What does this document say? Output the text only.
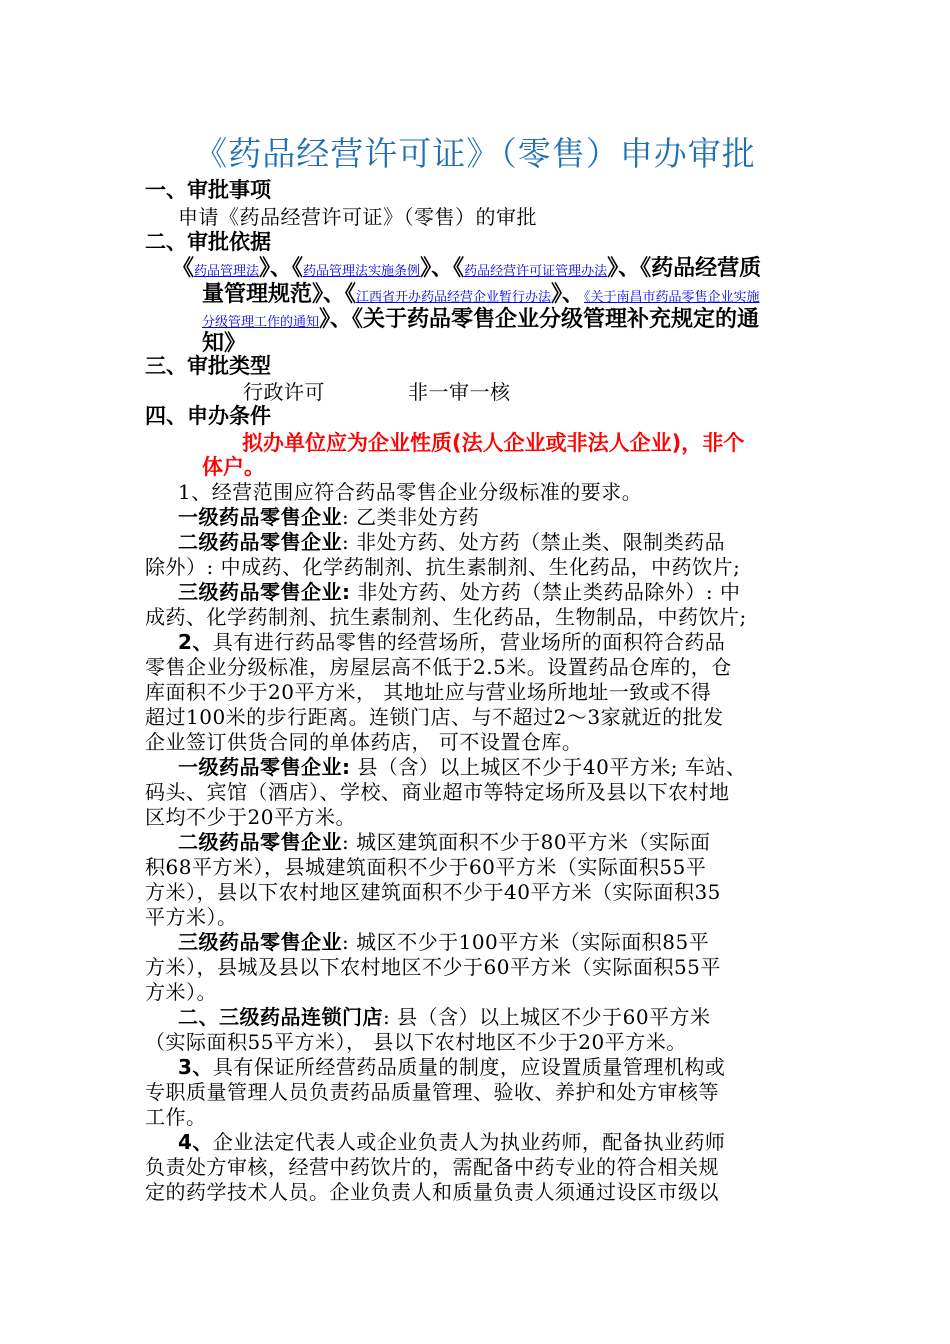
《药品经营许可证》（零售）申办审批
一、审批事项
申请《药品经营许可证》（零售）的审批
二、审批依据
《药品管理法》、《药品管理法实施条例》、《药品经营许可证管理办法》、《药品经营质
量管理规范》、《江西省开办药品经营企业暂行办法》、《关于南昌市药品零售企业实施
分级管理工作的通知》、《关于药品零售企业分级管理补充规定的通
知》
三、审批类型
行政许可	非一审一核
四、申办条件
拟办单位应为企业性质(法人企业或非法人企业)，非个
体户。
1、经营范围应符合药品零售企业分级标准的要求。
一级药品零售企业: 乙类非处方药
二级药品零售企业: 非处方药、处方药（禁止类、限制类药品
除外）: 中成药、化学药制剂、抗生素制剂、生化药品，中药饮片;
三级药品零售企业: 非处方药、处方药（禁止类药品除外）: 中
成药、化学药制剂、抗生素制剂、生化药品，生物制品，中药饮片;
2、具有进行药品零售的经营场所，营业场所的面积符合药品
零售企业分级标准，房屋层高不低于2.5米。设置药品仓库的，仓
库面积不少于20平方米， 其地址应与营业场所地址一致或不得
超过100米的步行距离。连锁门店、与不超过2～3家就近的批发
企业签订供货合同的单体药店， 可不设置仓库。
一级药品零售企业: 县（含）以上城区不少于40平方米; 车站、
码头、宾馆（酒店）、学校、商业超市等特定场所及县以下农村地
区均不少于20平方米。
二级药品零售企业: 城区建筑面积不少于80平方米（实际面
积68平方米），县城建筑面积不少于60平方米（实际面积55平
方米），县以下农村地区建筑面积不少于40平方米（实际面积35
平方米）。
三级药品零售企业: 城区不少于100平方米（实际面积85平
方米），县城及县以下农村地区不少于60平方米（实际面积55平
方米）。
二、三级药品连锁门店: 县（含）以上城区不少于60平方米
（实际面积55平方米）， 县以下农村地区不少于20平方米。
3、具有保证所经营药品质量的制度，应设置质量管理机构或
专职质量管理人员负责药品质量管理、验收、养护和处方审核等
工作。
4、企业法定代表人或企业负责人为执业药师，配备执业药师
负责处方审核，经营中药饮片的，需配备中药专业的符合相关规
定的药学技术人员。企业负责人和质量负责人须通过设区市级以
